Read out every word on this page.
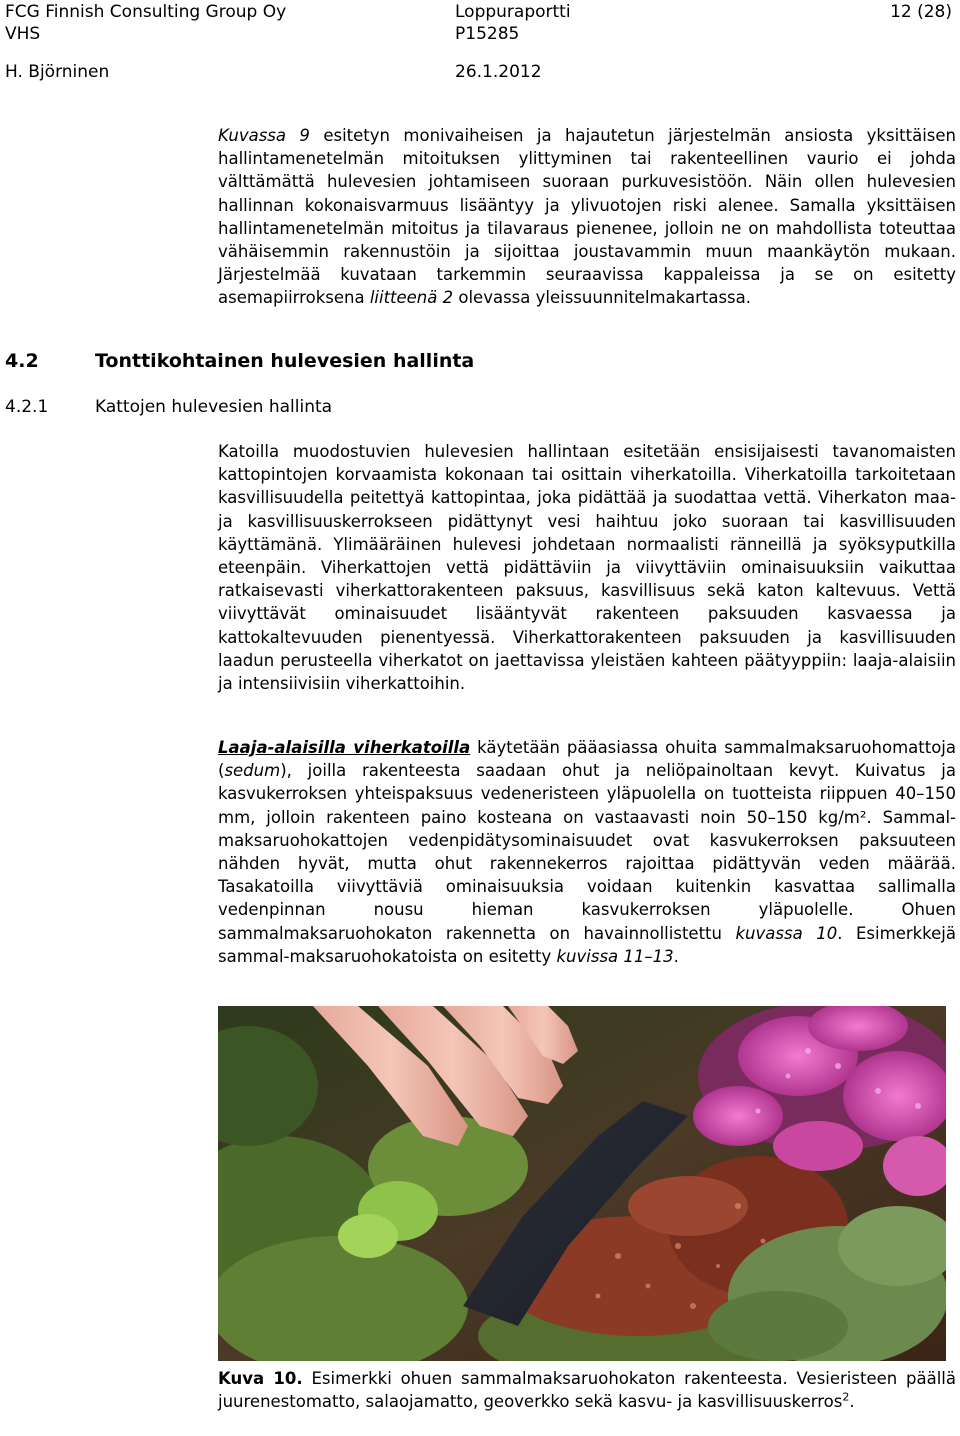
FCG Finnish Consulting Group Oy
VHS
Loppuraportti
P15285
12 (28)
H. Björninen	26.1.2012
Kuvassa 9 esitetyn monivaiheisen ja hajautetun järjestelmän ansiosta yksittäisen hallintamenetelmän mitoituksen ylittyminen tai rakenteellinen vaurio ei johda välttämättä hulevesien johtamiseen suoraan purkuvesistöön. Näin ollen hulevesien hallinnan kokonaisvarmuus lisääntyy ja ylivuotojen riski alenee. Samalla yksittäisen hallintamenetelmän mitoitus ja tilavaraus pienenee, jolloin ne on mahdollista toteuttaa vähäisemmin rakennustöin ja sijoittaa joustavammin muun maankäytön mukaan. Järjestelmää kuvataan tarkemmin seuraavissa kappaleissa ja se on esitetty asemapiirroksena liitteenä 2 olevassa yleissuunnitelmakartassa.
4.2	Tonttikohtainen hulevesien hallinta
4.2.1	Kattojen hulevesien hallinta
Katoilla muodostuvien hulevesien hallintaan esitetään ensisijaisesti tavanomaisten kattopintojen korvaamista kokonaan tai osittain viherkatoilla. Viherkatoilla tarkoitetaan kasvillisuudella peitettyä kattopintaa, joka pidättää ja suodattaa vettä. Viherkaton maa- ja kasvillisuuskerrokseen pidättynyt vesi haihtuu joko suoraan tai kasvillisuuden käyttämänä. Ylimääräinen hulevesi johdetaan normaalisti ränneillä ja syöksyputkilla eteenpäin. Viherkattojen vettä pidättäviin ja viivyttäviin ominaisuuksiin vaikuttaa ratkaisevasti viherkattorakenteen paksuus, kasvillisuus sekä katon kaltevuus. Vettä viivyttävät ominaisuudet lisääntyvät rakenteen paksuuden kasvaessa ja kattokaltevuuden pienentyessä. Viherkattorakenteen paksuuden ja kasvillisuuden laadun perusteella viherkatot on jaettavissa yleistäen kahteen päätyyppiin: laaja-alaisiin ja intensiivisiin viherkattoihin.
Laaja-alaisilla viherkatoilla käytetään pääasiassa ohuita sammalmaksaruohomattoja (sedum), joilla rakenteesta saadaan ohut ja neliöpainoltaan kevyt. Kuivatus ja kasvukerroksen yhteispaksuus vedeneristeen yläpuolella on tuotteista riippuen 40–150 mm, jolloin rakenteen paino kosteana on vastaavasti noin 50–150 kg/m². Sammal-maksaruohokattojen vedenpidätysominaisuudet ovat kasvukerroksen paksuuteen nähden hyvät, mutta ohut rakennekerros rajoittaa pidättyvän veden määrää. Tasakatoilla viivyttäviä ominaisuuksia voidaan kuitenkin kasvattaa sallimalla vedenpinnan nousu hieman kasvukerroksen yläpuolelle. Ohuen sammalmaksaruohokaton rakennetta on havainnollistettu kuvassa 10. Esimerkkejä sammal-maksaruohokatoista on esitetty kuvissa 11–13.
Kuva 10. Esimerkki ohuen sammalmaksaruohokaton rakenteesta. Vesieristeen päällä juurenestomatto, salaojamatto, geoverkko sekä kasvu- ja kasvillisuuskerros$^2$.
